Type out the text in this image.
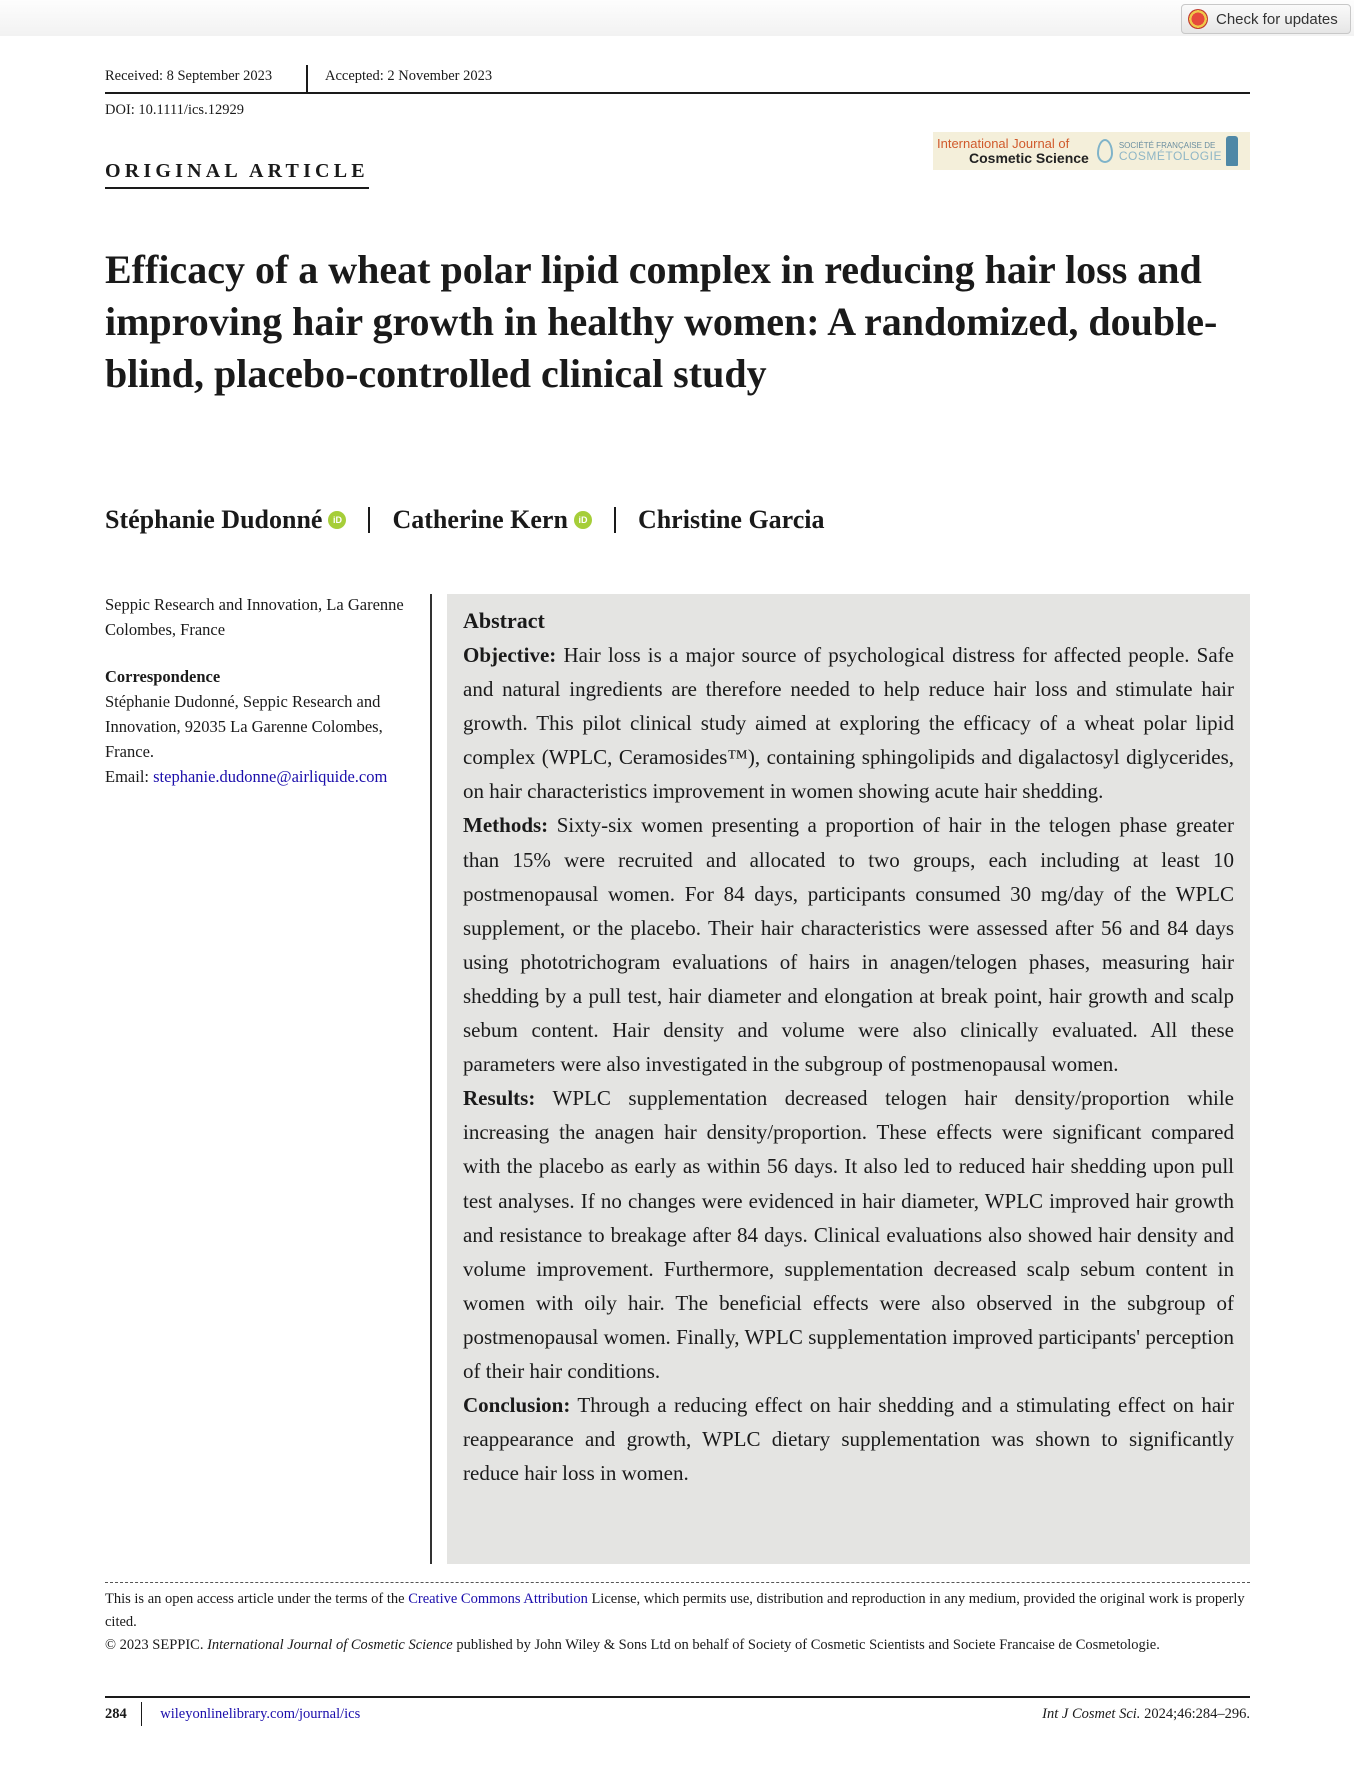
Check for updates
Received: 8 September 2023	Accepted: 2 November 2023
DOI: 10.1111/ics.12929
ORIGINAL ARTICLE
International Journal of
Cosmetic Science
SOCIÉTÉ FRANÇAISE DE
COSMÉTOLOGIE
Efficacy of a wheat polar lipid complex in reducing hair loss and improving hair growth in healthy women: A randomized, double-blind, placebo-controlled clinical study
Stéphanie Dudonné	iD Catherine Kern	iD Christine Garcia

Seppic Research and Innovation, La Garenne Colombes, France

Correspondence

Stéphanie Dudonné, Seppic Research and Innovation, 92035 La Garenne Colombes, France.

Email: stephanie.dudonne@airliquide.com

Abstract

Objective: Hair loss is a major source of psychological distress for affected people. Safe and natural ingredients are therefore needed to help reduce hair loss and stimulate hair growth. This pilot clinical study aimed at exploring the efficacy of a wheat polar lipid complex (WPLC, Ceramosides™), containing sphingolipids and digalactosyl diglycerides, on hair characteristics improvement in women showing acute hair shedding.

Methods: Sixty-six women presenting a proportion of hair in the telogen phase greater than 15% were recruited and allocated to two groups, each including at least 10 postmenopausal women. For 84 days, participants consumed 30 mg/day of the WPLC supplement, or the placebo. Their hair characteristics were assessed after 56 and 84 days using phototrichogram evaluations of hairs in anagen/telogen phases, measuring hair shedding by a pull test, hair diameter and elongation at break point, hair growth and scalp sebum content. Hair density and volume were also clinically evaluated. All these parameters were also investigated in the subgroup of postmenopausal women.

Results: WPLC supplementation decreased telogen hair density/proportion while increasing the anagen hair density/proportion. These effects were significant compared with the placebo as early as within 56 days. It also led to reduced hair shedding upon pull test analyses. If no changes were evidenced in hair diameter, WPLC improved hair growth and resistance to breakage after 84 days. Clinical evaluations also showed hair density and volume improvement. Furthermore, supplementation decreased scalp sebum content in women with oily hair. The beneficial effects were also observed in the subgroup of postmenopausal women. Finally, WPLC supplementation improved participants' perception of their hair conditions.

Conclusion: Through a reducing effect on hair shedding and a stimulating effect on hair reappearance and growth, WPLC dietary supplementation was shown to significantly reduce hair loss in women.

This is an open access article under the terms of the Creative Commons Attribution License, which permits use, distribution and reproduction in any medium, provided the original work is properly cited.

© 2023 SEPPIC. International Journal of Cosmetic Science published by John Wiley & Sons Ltd on behalf of Society of Cosmetic Scientists and Societe Francaise de Cosmetologie.

284 wileyonlinelibrary.com/journal/ics	Int J Cosmet Sci. 2024;46:284–296.
